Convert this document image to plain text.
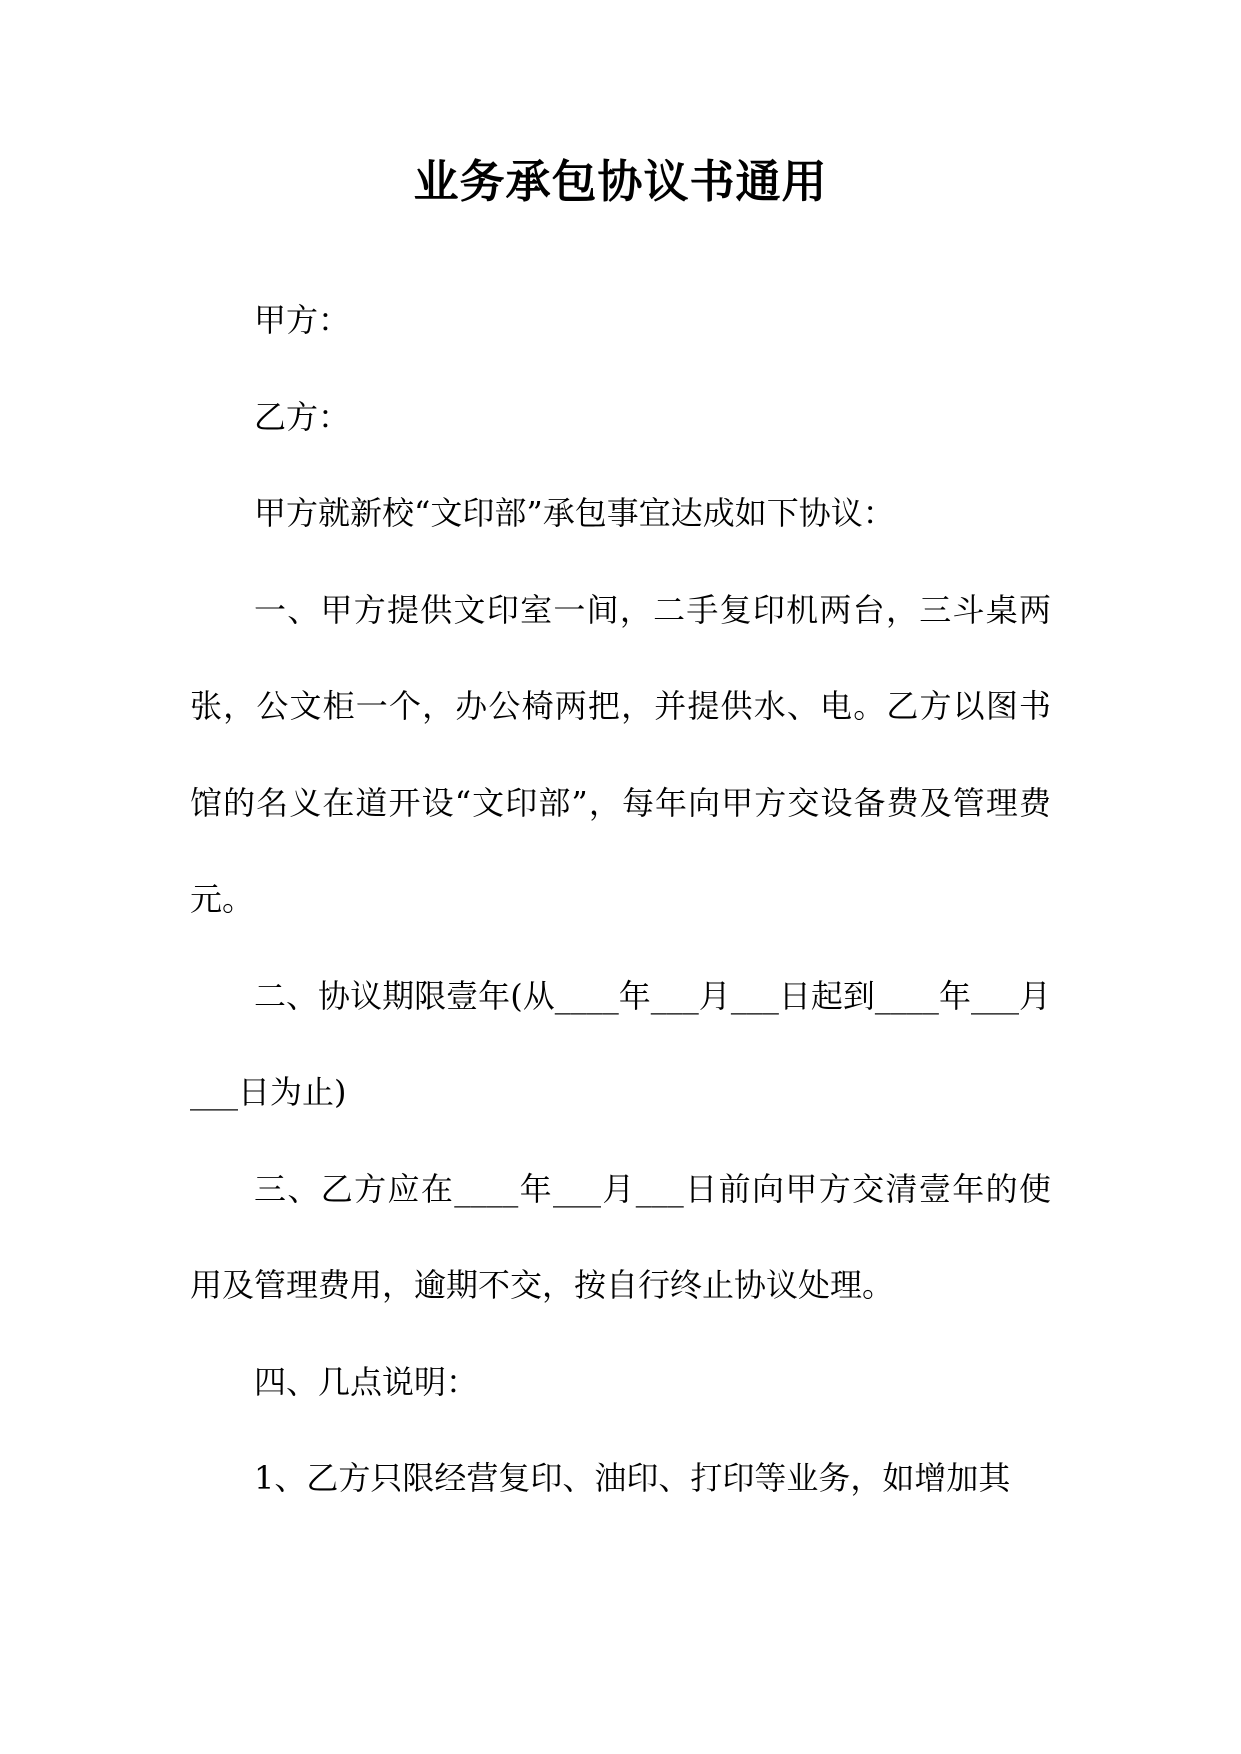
业务承包协议书通用

甲方：

乙方：

甲方就新校“文印部”承包事宜达成如下协议：

一、甲方提供文印室一间，二手复印机两台，三斗桌两张，公文柜一个，办公椅两把，并提供水、电。乙方以图书馆的名义在道开设“文印部”，每年向甲方交设备费及管理费 元。

二、协议期限壹年(从____年___月___日起到____年___月___日为止)

三、乙方应在____年___月___日前向甲方交清壹年的使用及管理费用，逾期不交，按自行终止协议处理。

四、几点说明：

1、乙方只限经营复印、油印、打印等业务，如增加其
